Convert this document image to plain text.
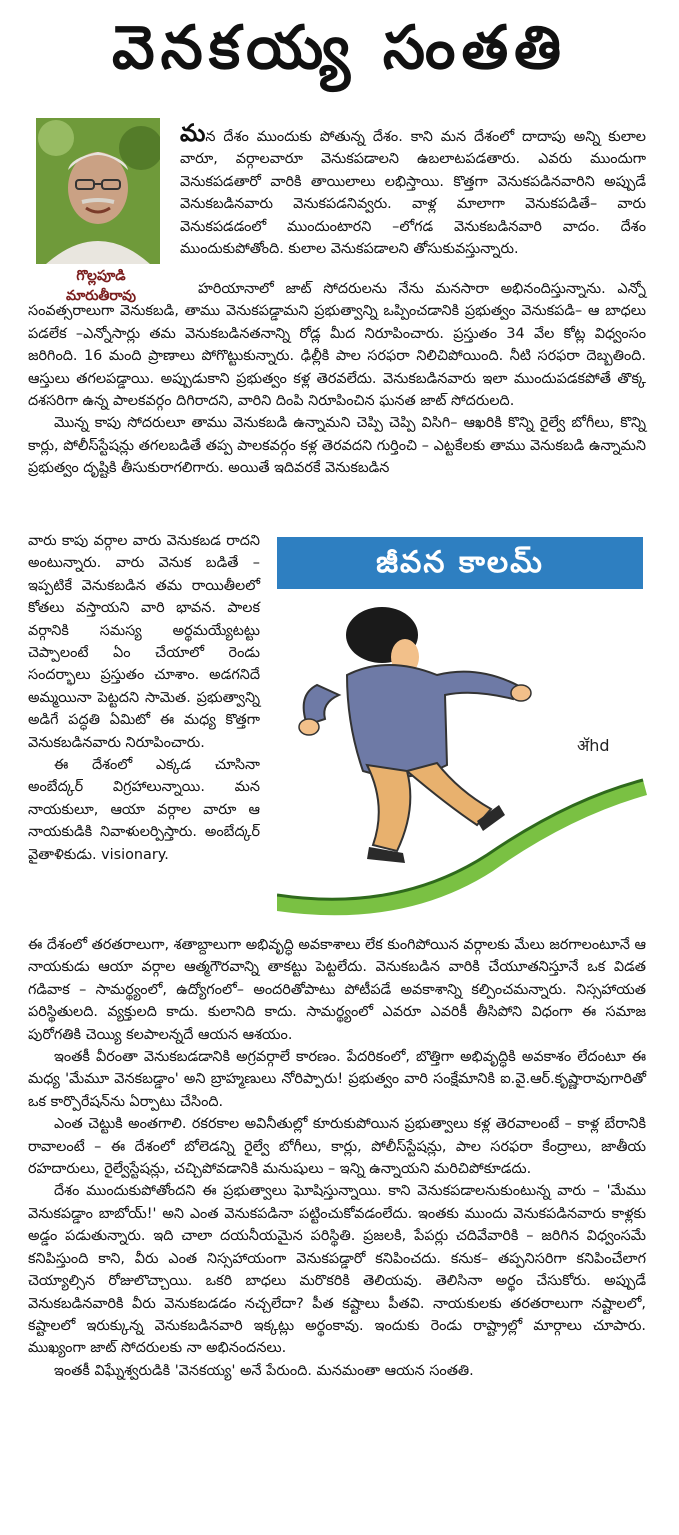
వెనకయ్య సంతతి
గొల్లపూడి
మారుతీరావు

మన దేశం ముందుకు పోతున్న దేశం. కాని మన దేశంలో దాదాపు అన్ని కులాల వారూ, వర్గాలవారూ వెనుకపడాలని ఉబలాటపడతారు. ఎవరు ముందుగా వెనుకపడతారో వారికి తాయిలాలు లభిస్తాయి. కొత్తగా వెనుకపడినవారిని అప్పుడే వెనుకబడినవారు వెనుకపడనివ్వరు. వాళ్ల మాలాగా వెనుకపడితే– వారు వెనుకపడడంలో ముందుంటారని –లోగడ వెనుకబడినవారి వాదం. దేశం ముందుకుపోతోంది. కులాల వెనుకపడాలని తోసుకువస్తున్నారు.

హరియానాలో జాట్ సోదరులను నేను మనసారా అభినందిస్తున్నాను. ఎన్నో సంవత్సరాలుగా వెనుకబడి, తాము వెనుకపడ్డామని ప్రభుత్వాన్ని ఒప్పించడానికి ప్రభుత్వం వెనుకపడి– ఆ బాధలు పడలేక –ఎన్నోసార్లు తమ వెనుకబడినతనాన్ని రోడ్ల మీద నిరూపించారు. ప్రస్తుతం 34 వేల కోట్ల విధ్వంసం జరిగింది. 16 మంది ప్రాణాలు పోగొట్టుకున్నారు. ఢిల్లీకి పాల సరఫరా నిలిచిపోయింది. నీటి సరఫరా దెబ్బతింది. ఆస్తులు తగలపడ్డాయి. అప్పుడుకాని ప్రభుత్వం కళ్ల తెరవలేదు. వెనుకబడినవారు ఇలా ముందుపడకపోతే తొక్క దశసరిగా ఉన్న పాలకవర్గం దిగిరాదని, వారిని దింపి నిరూపించిన ఘనత జాట్ సోదరులది.

మొన్న కాపు సోదరులూ తాము వెనుకబడి ఉన్నామని చెప్పి చెప్పి విసిగి– ఆఖరికి కొన్ని రైల్వే బోగీలు, కొన్ని కార్లు, పోలీస్‌స్టేషన్లు తగలబడితే తప్ప పాలకవర్గం కళ్ల తెరవదని గుర్తించి – ఎట్టకేలకు తాము వెనుకబడి ఉన్నామని ప్రభుత్వం దృష్టికి తీసుకురాగలిగారు. అయితే ఇదివరకే వెనుకబడిన

వారు కాపు వర్గాల వారు వెనుకబడ రాదని అంటున్నారు. వారు వెనుక బడితే – ఇప్పటికే వెనుకబడిన తమ రాయితీలలో కోతలు వస్తాయని వారి భావన. పాలక వర్గానికి సమస్య అర్థమయ్యేటట్టు చెప్పాలంటే ఏం చేయాలో రెండు సందర్భాలు ప్రస్తుతం చూశాం. అడగనిదే అమ్మయినా పెట్టదని సామెత. ప్రభుత్వాన్ని అడిగే పద్ధతి ఏమిటో ఈ మధ్య కొత్తగా వెనుకబడినవారు నిరూపించారు.

ఈ దేశంలో ఎక్కడ చూసినా అంబేద్కర్ విగ్రహాలున్నాయి. మన నాయకులూ, ఆయా వర్గాల వారూ ఆ నాయకుడికి నివాళులర్పిస్తారు. అంబేద్కర్ వైతాళికుడు. visionary.

జీవన కాలమ్
ॲhd

ఈ దేశంలో తరతరాలుగా, శతాబ్దాలుగా అభివృద్ధి అవకాశాలు లేక కుంగిపోయిన వర్గాలకు మేలు జరగాలంటూనే ఆ నాయకుడు ఆయా వర్గాల ఆత్మగౌరవాన్ని తాకట్టు పెట్టలేదు. వెనుకబడిన వారికి చేయూతనిస్తూనే ఒక విడత గడివాక – సామర్థ్యంలో, ఉద్యోగంలో– అందరితోపాటు పోటీపడే అవకాశాన్ని కల్పించమన్నారు. నిస్సహాయత పరిస్థితులది. వ్యక్తులది కాదు. కులానిది కాదు. సామర్థ్యంలో ఎవరూ ఎవరికీ తీసిపోని విధంగా ఈ సమాజ పురోగతికి చెయ్యి కలపాలన్నదే ఆయన ఆశయం.

ఇంతకీ వీరంతా వెనుకబడడానికి అగ్రవర్గాలే కారణం. పేదరికంలో, బొత్తిగా అభివృద్ధికి అవకాశం లేదంటూ ఈ మధ్య 'మేమూ వెనకబడ్డాం' అని బ్రాహ్మణులు నోరిప్పారు! ప్రభుత్వం వారి సంక్షేమానికి ఐ.వై.ఆర్.కృష్ణారావుగారితో ఒక కార్పొరేషన్‌ను ఏర్పాటు చేసింది.

ఎంత చెట్టుకి అంతగాలి. రకరకాల అవినీతుల్లో కూరుకుపోయిన ప్రభుత్వాలు కళ్ల తెరవాలంటే – కాళ్ల బేరానికి రావాలంటే – ఈ దేశంలో బోలెడన్ని రైల్వే బోగీలు, కార్లు, పోలీస్‌స్టేషన్లు, పాల సరఫరా కేంద్రాలు, జాతీయ రహదారులు, రైల్వేస్టేషన్లు, చచ్చిపోవడానికి మనుషులు – ఇన్ని ఉన్నాయని మరిచిపోకూడదు.

దేశం ముందుకుపోతోందని ఈ ప్రభుత్వాలు ఘోషిస్తున్నాయి. కాని వెనుకపడాలనుకుంటున్న వారు – 'మేము వెనుకపడ్డాం బాబోయ్!' అని ఎంత వెనుకపడినా పట్టించుకోవడంలేదు. ఇంతకు ముందు వెనుకపడినవారు కాళ్లకు అడ్డం పడుతున్నారు. ఇది చాలా దయనీయమైన పరిస్థితి. ప్రజలకి, పేపర్లు చదివేవారికి – జరిగిన విధ్వంసమే కనిపిస్తుంది కాని, వీరు ఎంత నిస్సహాయంగా వెనుకపడ్డారో కనిపించదు. కనుక– తప్పనిసరిగా కనిపించేలాగ చెయ్యాల్సిన రోజులొచ్చాయి. ఒకరి బాధలు మరొకరికి తెలియవు. తెలిసినా అర్థం చేసుకోరు. అప్పుడే వెనుకబడినవారికి వీరు వెనుకబడడం నచ్చలేదా? పీత కష్టాలు పీతవి. నాయకులకు తరతరాలుగా నష్టాలలో, కష్టాలలో ఇరుక్కున్న వెనుకబడినవారి ఇక్కట్లు అర్థంకావు. ఇందుకు రెండు రాష్ట్రాల్లో మార్గాలు చూపారు. ముఖ్యంగా జాట్ సోదరులకు నా అభినందనలు.

ఇంతకీ విఘ్నేశ్వరుడికి 'వెనకయ్య' అనే పేరుంది. మనమంతా ఆయన సంతతి.
